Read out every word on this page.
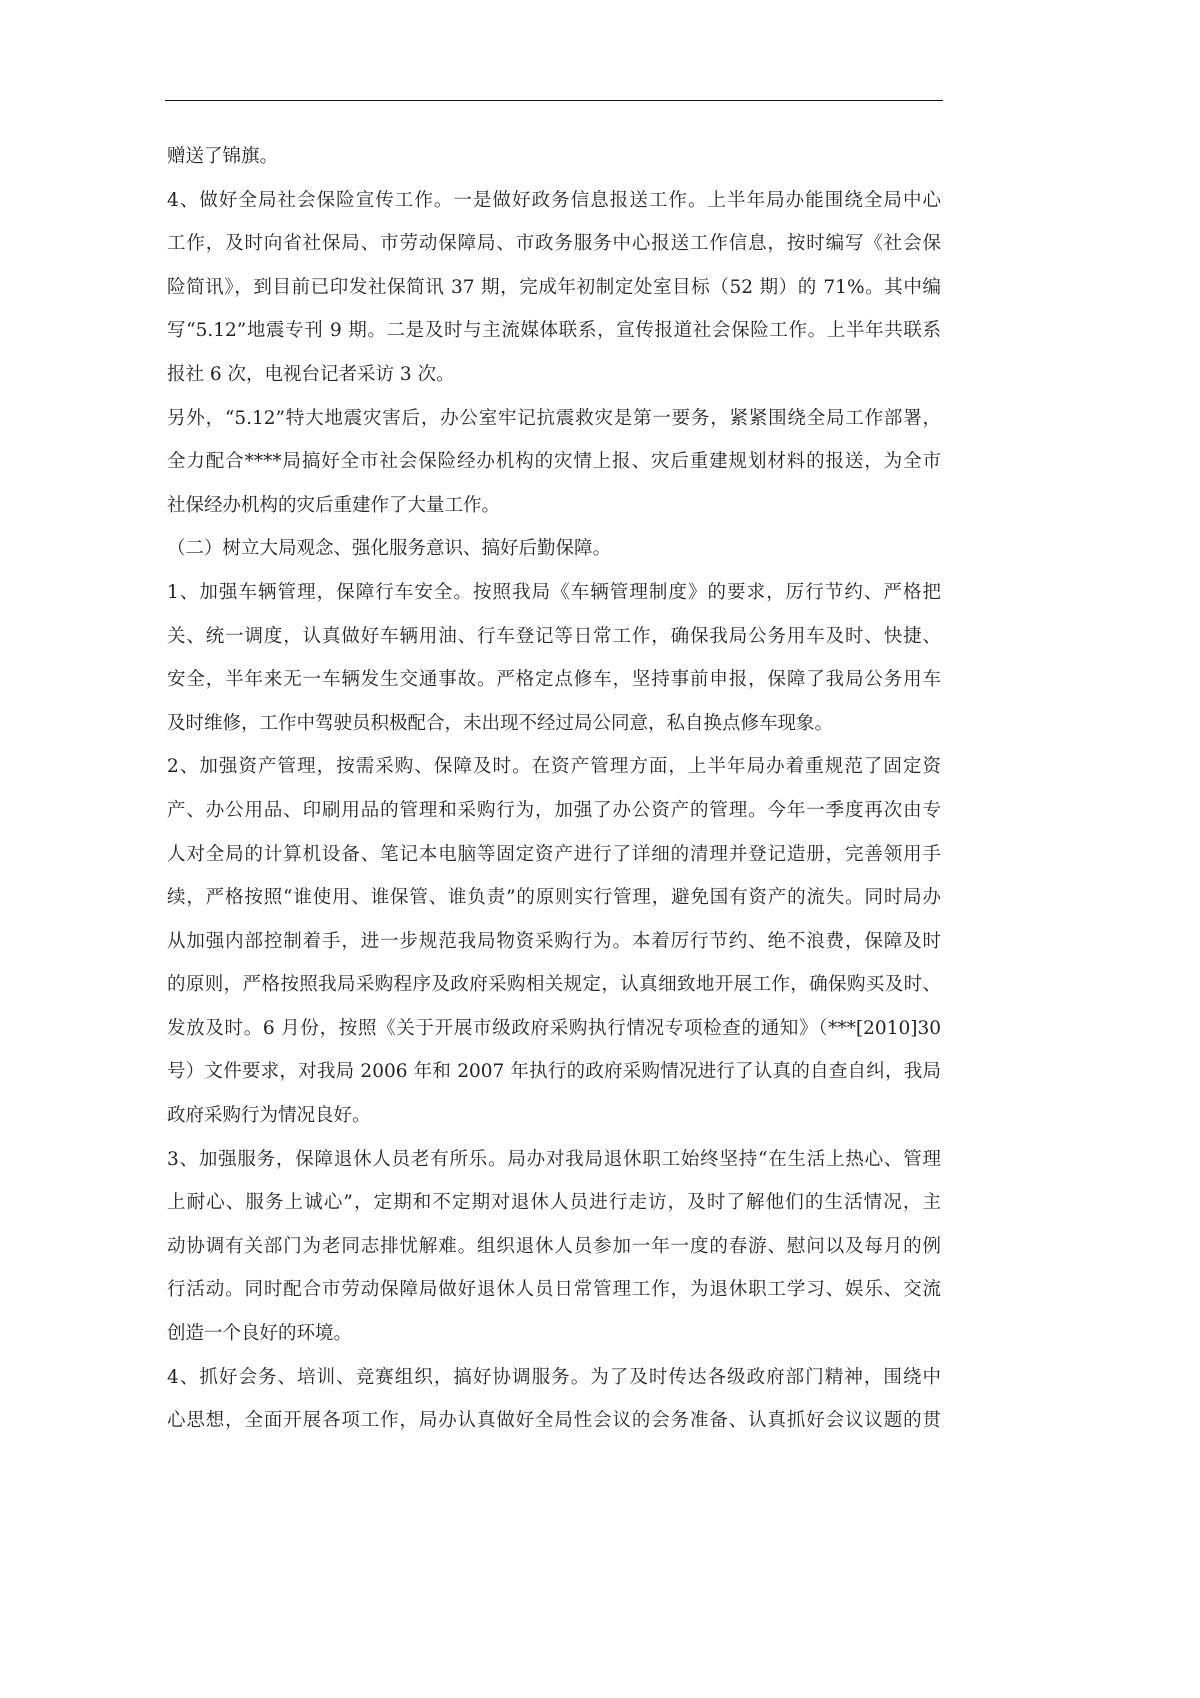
赠送了锦旗。
4、做好全局社会保险宣传工作。一是做好政务信息报送工作。上半年局办能围绕全局中心
工作，及时向省社保局、市劳动保障局、市政务服务中心报送工作信息，按时编写《社会保
险简讯》，到目前已印发社保简讯 37 期，完成年初制定处室目标（52 期）的 71%。其中编
写“5.12”地震专刊 9 期。二是及时与主流媒体联系，宣传报道社会保险工作。上半年共联系
报社 6 次，电视台记者采访 3 次。
另外，“5.12”特大地震灾害后，办公室牢记抗震救灾是第一要务，紧紧围绕全局工作部署，
全力配合****局搞好全市社会保险经办机构的灾情上报、灾后重建规划材料的报送，为全市
社保经办机构的灾后重建作了大量工作。
（二）树立大局观念、强化服务意识、搞好后勤保障。
1、加强车辆管理，保障行车安全。按照我局《车辆管理制度》的要求，厉行节约、严格把
关、统一调度，认真做好车辆用油、行车登记等日常工作，确保我局公务用车及时、快捷、
安全，半年来无一车辆发生交通事故。严格定点修车，坚持事前申报，保障了我局公务用车
及时维修，工作中驾驶员积极配合，未出现不经过局公同意，私自换点修车现象。
2、加强资产管理，按需采购、保障及时。在资产管理方面，上半年局办着重规范了固定资
产、办公用品、印刷用品的管理和采购行为，加强了办公资产的管理。今年一季度再次由专
人对全局的计算机设备、笔记本电脑等固定资产进行了详细的清理并登记造册，完善领用手
续，严格按照“谁使用、谁保管、谁负责”的原则实行管理，避免国有资产的流失。同时局办
从加强内部控制着手，进一步规范我局物资采购行为。本着厉行节约、绝不浪费，保障及时
的原则，严格按照我局采购程序及政府采购相关规定，认真细致地开展工作，确保购买及时、
发放及时。6 月份，按照《关于开展市级政府采购执行情况专项检查的通知》（***[2010]30
号）文件要求，对我局 2006 年和 2007 年执行的政府采购情况进行了认真的自查自纠，我局
政府采购行为情况良好。
3、加强服务，保障退休人员老有所乐。局办对我局退休职工始终坚持“在生活上热心、管理
上耐心、服务上诚心”，定期和不定期对退休人员进行走访，及时了解他们的生活情况，主
动协调有关部门为老同志排忧解难。组织退休人员参加一年一度的春游、慰问以及每月的例
行活动。同时配合市劳动保障局做好退休人员日常管理工作，为退休职工学习、娱乐、交流
创造一个良好的环境。
4、抓好会务、培训、竞赛组织，搞好协调服务。为了及时传达各级政府部门精神，围绕中
心思想，全面开展各项工作，局办认真做好全局性会议的会务准备、认真抓好会议议题的贯
